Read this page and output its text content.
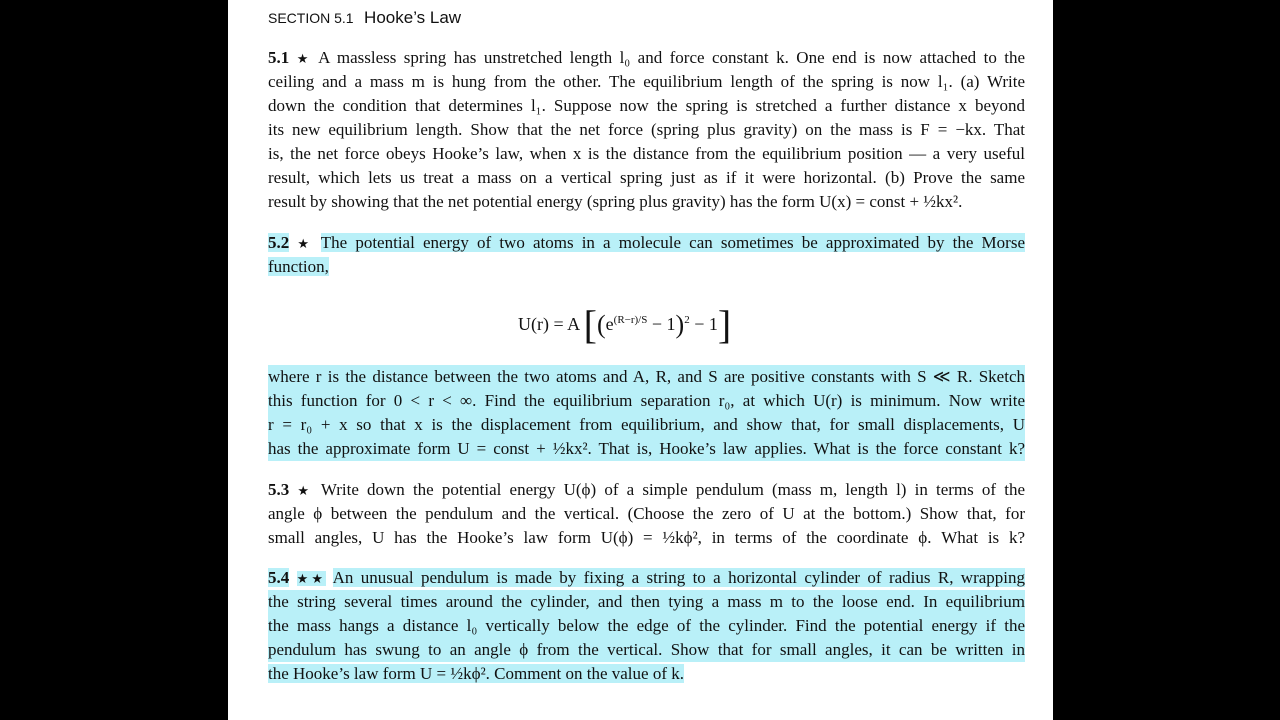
SECTION 5.1 Hooke’s Law
5.1 ★ A massless spring has unstretched length l₀ and force constant k. One end is now attached to the
ceiling and a mass m is hung from the other. The equilibrium length of the spring is now l₁. (a) Write
down the condition that determines l₁. Suppose now the spring is stretched a further distance x beyond
its new equilibrium length. Show that the net force (spring plus gravity) on the mass is F = −kx. That
is, the net force obeys Hooke’s law, when x is the distance from the equilibrium position — a very useful
result, which lets us treat a mass on a vertical spring just as if it were horizontal. (b) Prove the same
result by showing that the net potential energy (spring plus gravity) has the form U(x) = const + ½kx².
5.2 ★ The potential energy of two atoms in a molecule can sometimes be approximated by the Morse
function,
U(r) = A $[(e^{(R-r)/S} - 1)^2 - 1]$
where r is the distance between the two atoms and A, R, and S are positive constants with S ≪ R. Sketch
this function for 0 < r < ∞. Find the equilibrium separation r₀, at which U(r) is minimum. Now write
r = r₀ + x so that x is the displacement from equilibrium, and show that, for small displacements, U
has the approximate form U = const + ½kx². That is, Hooke’s law applies. What is the force constant k?
5.3 ★ Write down the potential energy U(ϕ) of a simple pendulum (mass m, length l) in terms of the
angle ϕ between the pendulum and the vertical. (Choose the zero of U at the bottom.) Show that, for
small angles, U has the Hooke’s law form U(ϕ) = ½kϕ², in terms of the coordinate ϕ. What is k?
5.4 ★★ An unusual pendulum is made by fixing a string to a horizontal cylinder of radius R, wrapping
the string several times around the cylinder, and then tying a mass m to the loose end. In equilibrium
the mass hangs a distance l₀ vertically below the edge of the cylinder. Find the potential energy if the
pendulum has swung to an angle ϕ from the vertical. Show that for small angles, it can be written in
the Hooke’s law form U = ½kϕ². Comment on the value of k.
